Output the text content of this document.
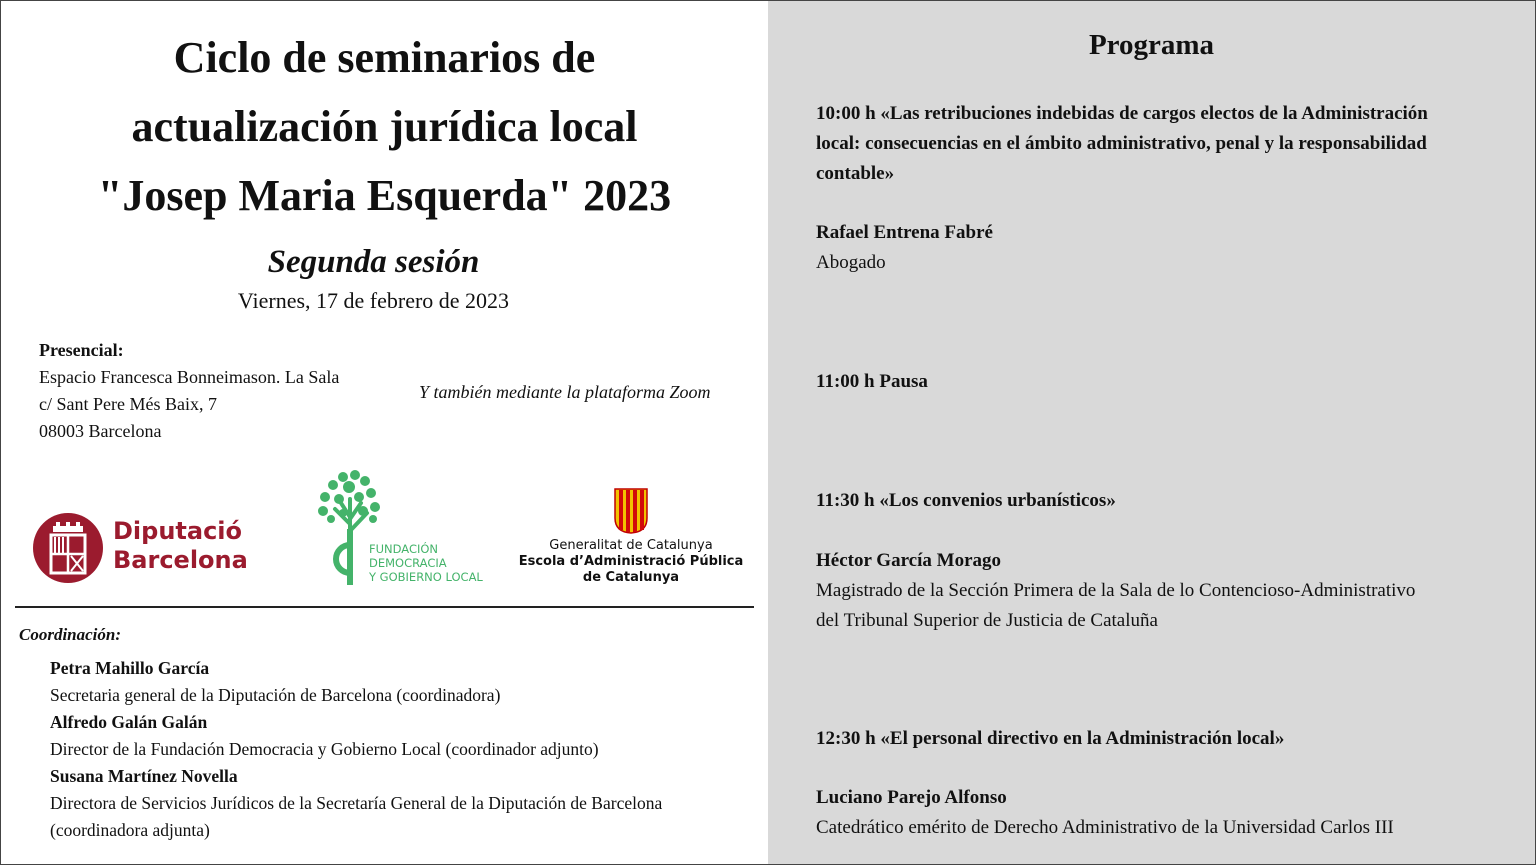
Ciclo de seminarios de
actualización jurídica local
"Josep Maria Esquerda" 2023
Segunda sesión
Viernes, 17 de febrero de 2023
Presencial:
Espacio Francesca Bonneimason. La Sala
c/ Sant Pere Més Baix, 7
08003 Barcelona
Y también mediante la plataforma Zoom
Diputació
Barcelona	FUNDACIÓN
DEMOCRACIA
Y GOBIERNO LOCAL
Generalitat de Catalunya
Escola d’Administració Pública
de Catalunya
Coordinación:
Petra Mahillo García
Secretaria general de la Diputación de Barcelona (coordinadora)
Alfredo Galán Galán
Director de la Fundación Democracia y Gobierno Local (coordinador adjunto)
Susana Martínez Novella
Directora de Servicios Jurídicos de la Secretaría General de la Diputación de Barcelona
(coordinadora adjunta)
Programa
10:00 h «Las retribuciones indebidas de cargos electos de la Administración
local: consecuencias en el ámbito administrativo, penal y la responsabilidad
contable»
Rafael Entrena Fabré
Abogado
11:00 h Pausa
11:30 h «Los convenios urbanísticos»
Héctor García Morago
Magistrado de la Sección Primera de la Sala de lo Contencioso-Administrativo
del Tribunal Superior de Justicia de Cataluña
12:30 h «El personal directivo en la Administración local»
Luciano Parejo Alfonso
Catedrático emérito de Derecho Administrativo de la Universidad Carlos III
